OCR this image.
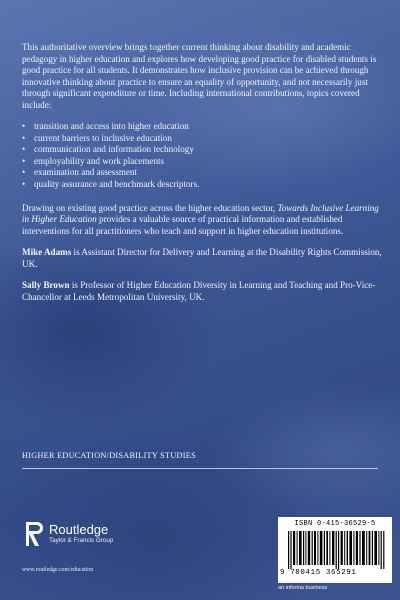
This authoritative overview brings together current thinking about disability and academic pedagogy in higher education and explores how developing good practice for disabled students is good practice for all students. It demonstrates how inclusive provision can be achieved through innovative thinking about practice to ensure an equality of opportunity, and not necessarily just through significant expenditure or time. Including international contributions, topics covered include:

• transition and access into higher education
• current barriers to inclusive education
• communication and information technology
• employability and work placements
• examination and assessment
• quality assurance and benchmark descriptors.

Drawing on existing good practice across the higher education sector, Towards Inclusive Learning in Higher Education provides a valuable source of practical information and established interventions for all practitioners who teach and support in higher education institutions.

Mike Adams is Assistant Director for Delivery and Learning at the Disability Rights Commission, UK.

Sally Brown is Professor of Higher Education Diversity in Learning and Teaching and Pro-Vice-Chancellor at Leeds Metropolitan University, UK.

HIGHER EDUCATION/DISABILITY STUDIES
Routledge
Taylor & Francis Group
www.routledge.com/education
ISBN 0-415-36529-5
9 780415 365291
an informa business
